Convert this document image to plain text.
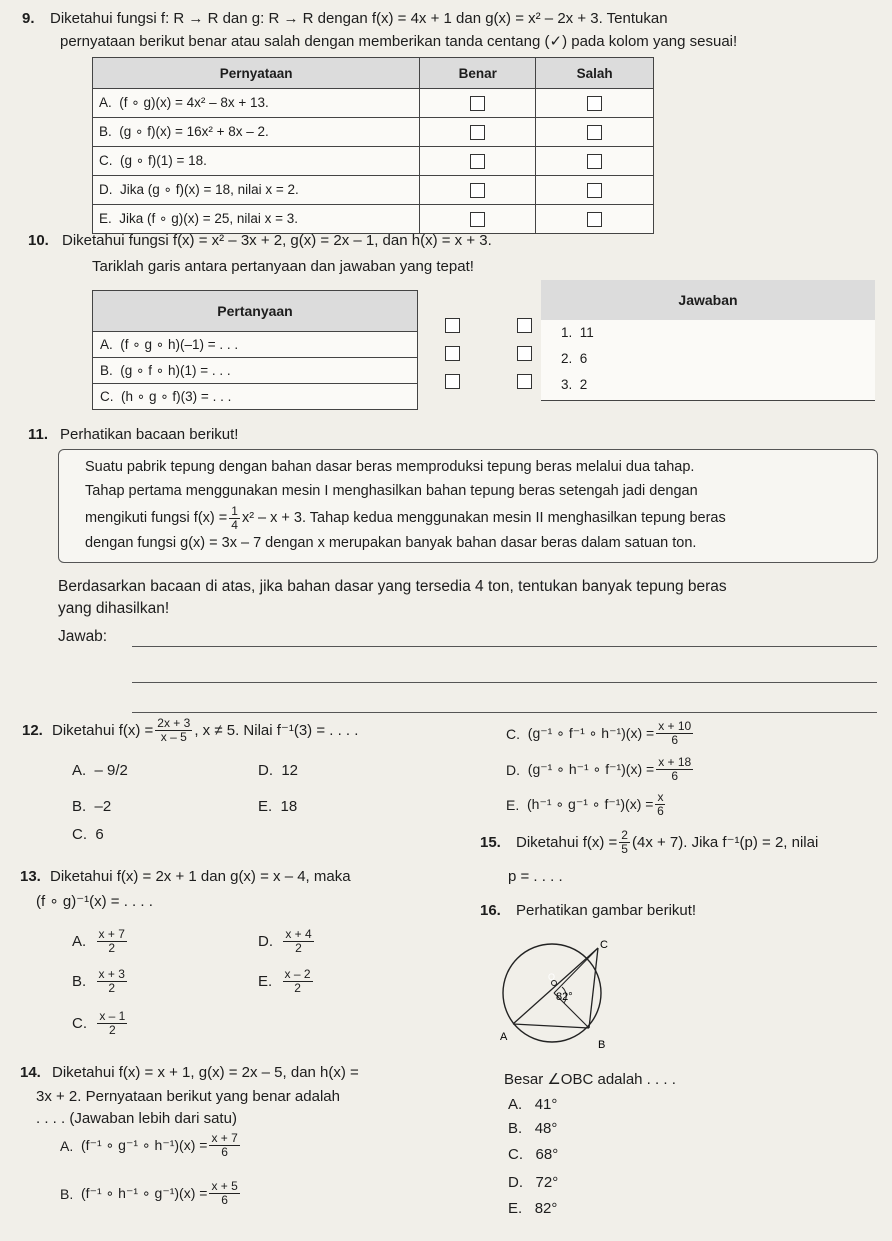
9. Diketahui fungsi f: R → R dan g: R → R dengan f(x) = 4x + 1 dan g(x) = x² – 2x + 3. Tentukan
pernyataan berikut benar atau salah dengan memberikan tanda centang (✓) pada kolom yang sesuai!
Pernyataan	Benar	Salah
A. (f ∘ g)(x) = 4x² – 8x + 13.		
B. (g ∘ f)(x) = 16x² + 8x – 2.		
C. (g ∘ f)(1) = 18.		
D. Jika (g ∘ f)(x) = 18, nilai x = 2.		
E. Jika (f ∘ g)(x) = 25, nilai x = 3.		
10. Diketahui fungsi f(x) = x² – 3x + 2, g(x) = 2x – 1, dan h(x) = x + 3.
Tariklah garis antara pertanyaan dan jawaban yang tepat!
Pertanyaan
A. (f ∘ g ∘ h)(–1) = . . .
B. (g ∘ f ∘ h)(1) = . . .
C. (h ∘ g ∘ f)(3) = . . .
Jawaban
1. 11
2. 6
3. 2
11. Perhatikan bacaan berikut!
Suatu pabrik tepung dengan bahan dasar beras memproduksi tepung beras melalui dua tahap.
Tahap pertama menggunakan mesin I menghasilkan bahan tepung beras setengah jadi dengan
mengikuti fungsi $f(x) = \frac{1}{4} x^2 - x + 3$. Tahap kedua menggunakan mesin II menghasilkan tepung beras
dengan fungsi g(x) = 3x – 7 dengan x merupakan banyak bahan dasar beras dalam satuan ton.
Berdasarkan bacaan di atas, jika bahan dasar yang tersedia 4 ton, tentukan banyak tepung beras
yang dihasilkan!
Jawab:
12. Diketahui $f(x) = \frac{2x + 3}{x - 5}$ , x ≠ 5. Nilai f⁻¹(3) = . . . .
A. – 9/2
B. –2
C. 6
D. 12
E. 18
13. Diketahui f(x) = 2x + 1 dan g(x) = x – 4, maka
(f ∘ g)⁻¹(x) = . . . .
A.
$\frac{x + 7}{2}$
B.
$\frac{x + 3}{2}$
C.
$\frac{x - 1}{2}$
D.
$\frac{x + 4}{2}$
E.
$\frac{x - 2}{2}$
14. Diketahui f(x) = x + 1, g(x) = 2x – 5, dan h(x) =
3x + 2. Pernyataan berikut yang benar adalah
. . . . (Jawaban lebih dari satu)
A.
(f⁻¹ ∘ g⁻¹ ∘ $h^{-1})(x) = \frac{x + 7}{6}$
B.
(f⁻¹ ∘ h⁻¹ ∘ $g^{-1})(x) = \frac{x + 5}{6}$
C.
(g⁻¹ ∘ f⁻¹ ∘ $h^{-1})(x) = \frac{x + 10}{6}$
D.
(g⁻¹ ∘ h⁻¹ ∘ $f^{-1})(x) = \frac{x + 18}{6}$
E.
(h⁻¹ ∘ g⁻¹ ∘ $f^{-1})(x) = \frac{x}{6}$
15. Diketahui $f(x) = \frac{2}{5} (4x + 7)$. Jika f⁻¹(p) = 2, nilai
p = . . . .
16. Perhatikan gambar berikut!
C
O
A
B
82°
Besar ∠OBC adalah . . . .
A. 41°
B. 48°
C. 68°
D. 72°
E. 82°
